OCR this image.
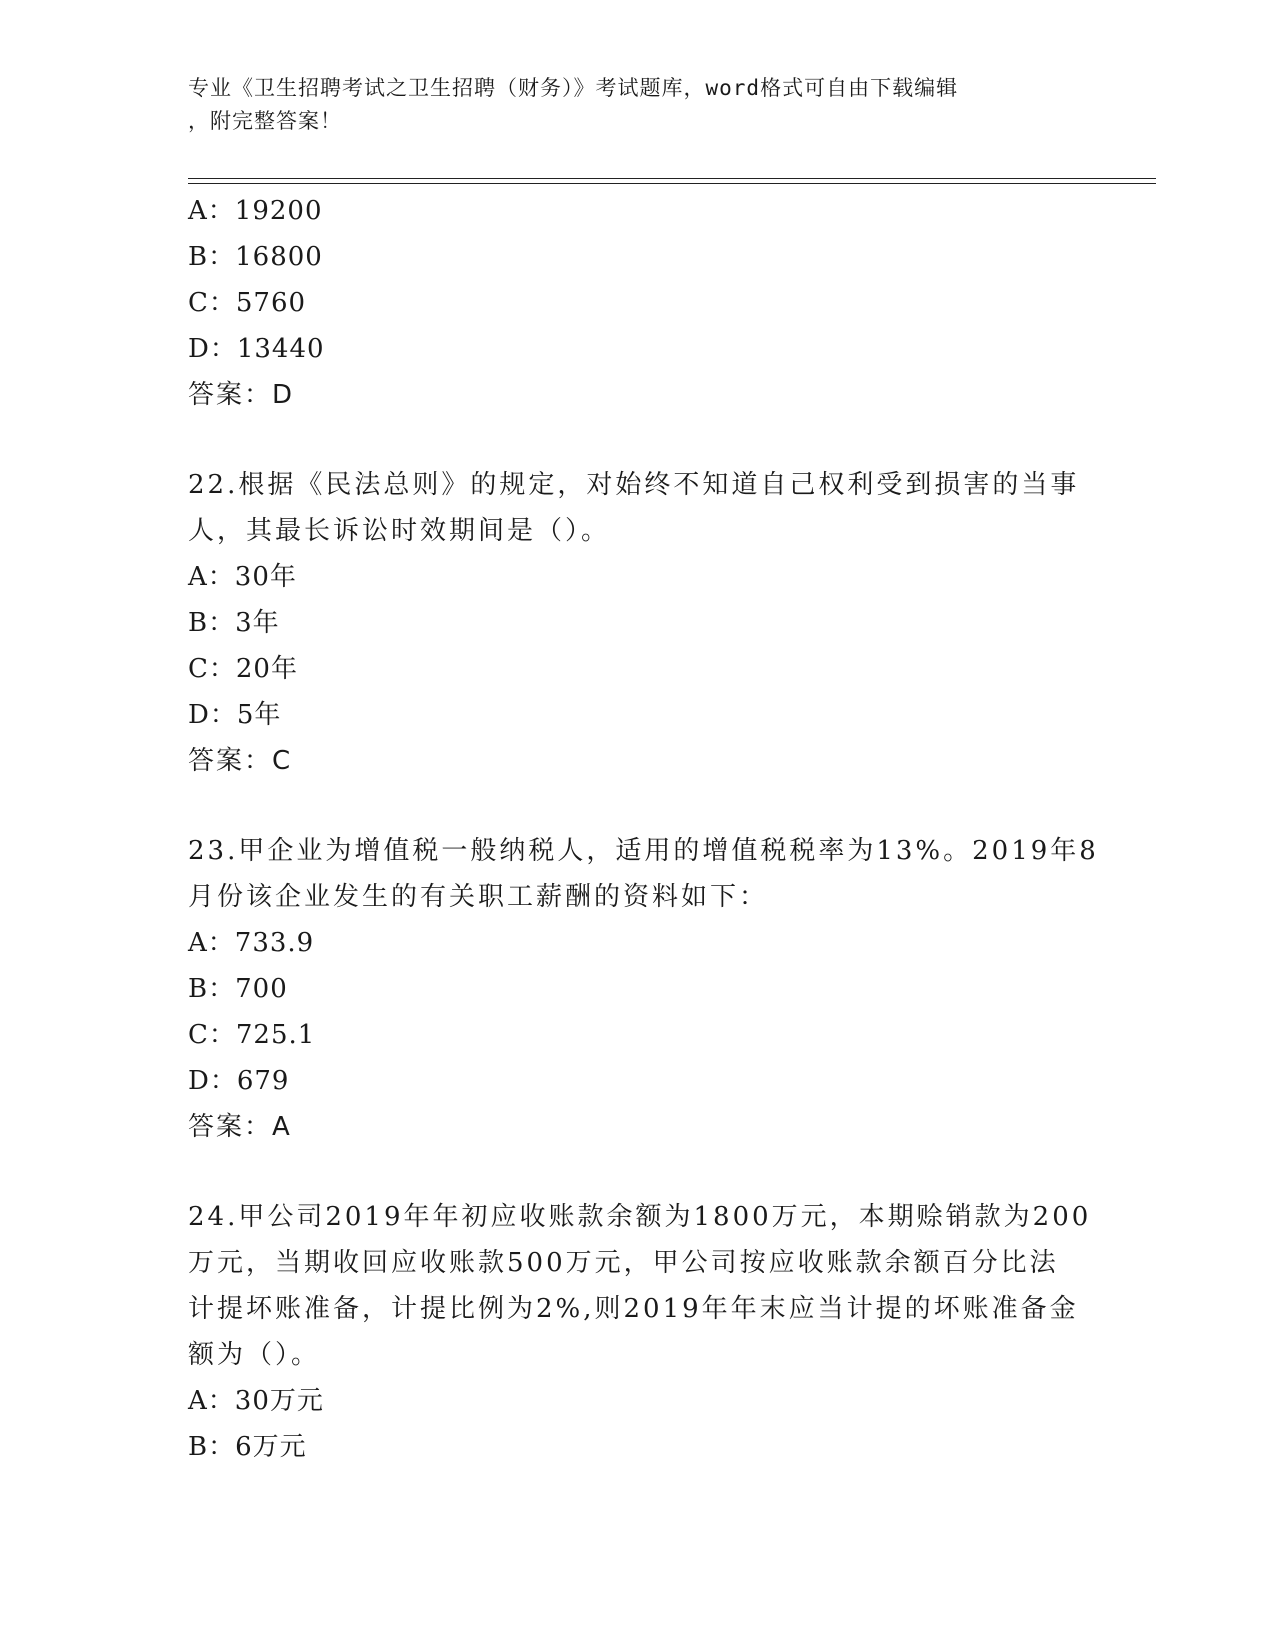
专业《卫生招聘考试之卫生招聘（财务）》考试题库，word格式可自由下载编辑
，附完整答案！
A：19200
B：16800
C：5760
D：13440
答案：D
22.根据《民法总则》的规定，对始终不知道自己权利受到损害的当事
人，其最长诉讼时效期间是（）。
A：30年
B：3年
C：20年
D：5年
答案：C
23.甲企业为增值税一般纳税人，适用的增值税税率为13%。2019年8
月份该企业发生的有关职工薪酬的资料如下：
A：733.9
B：700
C：725.1
D：679
答案：A
24.甲公司2019年年初应收账款余额为1800万元，本期赊销款为200
万元，当期收回应收账款500万元，甲公司按应收账款余额百分比法
计提坏账准备，计提比例为2%,则2019年年末应当计提的坏账准备金
额为（）。
A：30万元
B：6万元
